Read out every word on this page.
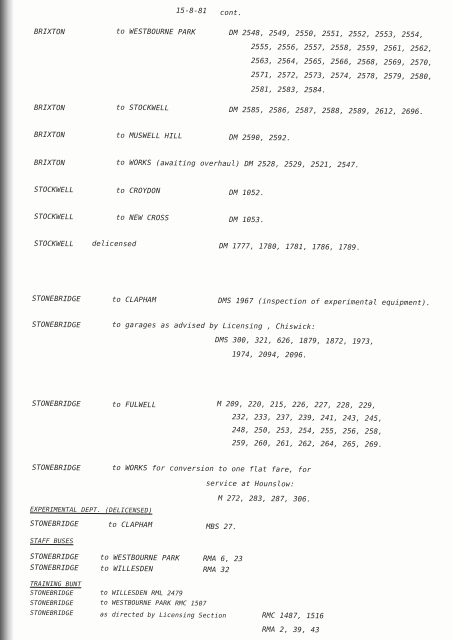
15-8-81 cont.
BRIXTON	to WESTBOURNE PARK	DM 2548, 2549, 2550, 2551, 2552, 2553, 2554,
2555, 2556, 2557, 2558, 2559, 2561, 2562,
2563, 2564, 2565, 2566, 2568, 2569, 2570,
2571, 2572, 2573, 2574, 2578, 2579, 2580,
2581, 2583, 2584.
BRIXTON	to STOCKWELL	DM 2585, 2586, 2587, 2588, 2589, 2612, 2696.
BRIXTON	to MUSWELL HILL	DM 2590, 2592.
BRIXTON	to WORKS (awaiting overhaul) DM 2528, 2529, 2521, 2547.
STOCKWELL	to CROYDON	DM 1052.
STOCKWELL	to NEW CROSS	DM 1053.
STOCKWELL	delicensed	DM 1777, 1780, 1781, 1786, 1789.
STONEBRIDGE	to CLAPHAM	DMS 1967 (inspection of experimental equipment).
STONEBRIDGE	to garages as advised by Licensing , Chiswick:
DMS 300, 321, 626, 1879, 1872, 1973,
1974, 2094, 2096.
STONEBRIDGE	to FULWELL	M 209, 220, 215, 226, 227, 228, 229,
232, 233, 237, 239, 241, 243, 245,
248, 250, 253, 254, 255, 256, 258,
259, 260, 261, 262, 264, 265, 269.
STONEBRIDGE	to WORKS for conversion to one flat fare, for
service at Hounslow:
M 272, 283, 287, 306.
EXPERIMENTAL DEPT. (DELICENSED)
STONEBRIDGE	to CLAPHAM	MBS 27.
STAFF BUSES
STONEBRIDGE	to WESTBOURNE PARK	RMA 6, 23
STONEBRIDGE	to WILLESDEN	RMA 32
TRAINING BUNT
STONEBRIDGE	to WILLESDEN RML 2479
STONEBRIDGE	to WESTBOURNE PARK RMC 1507
STONEBRIDGE	as directed by Licensing Section	RMC 1487, 1516
RMA 2, 39, 43
